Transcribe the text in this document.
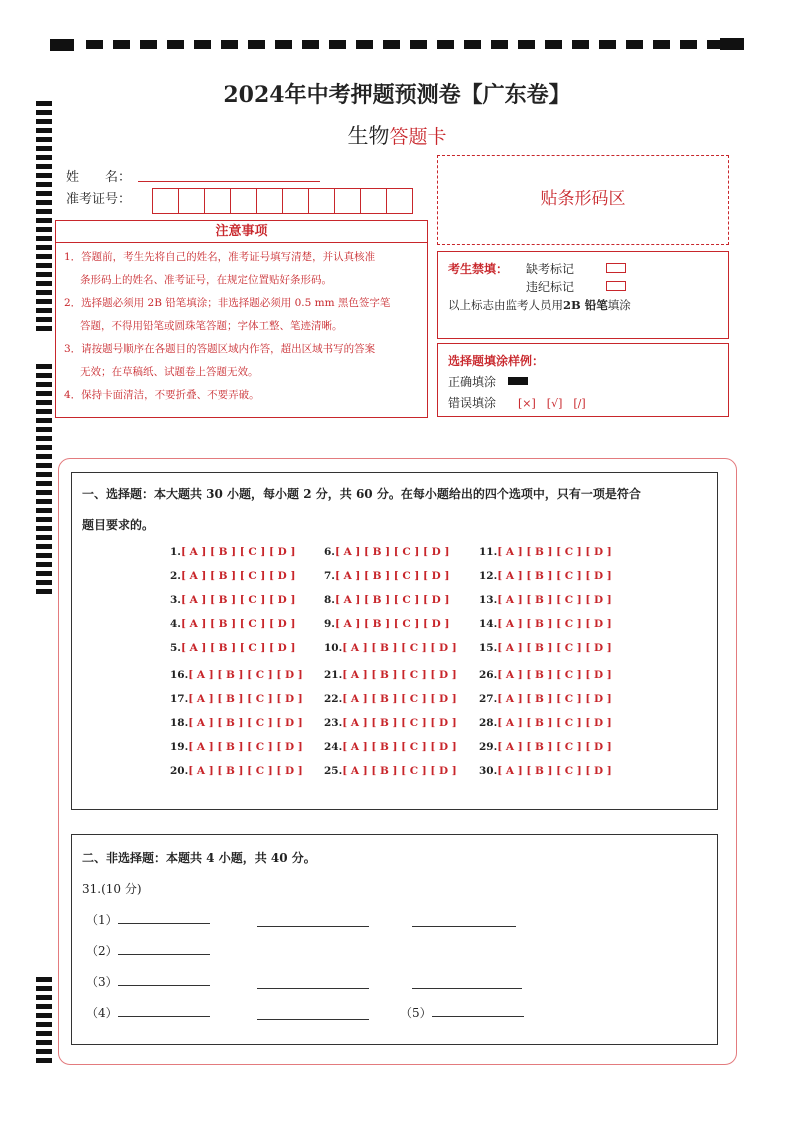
2024年中考押题预测卷【广东卷】
生物答题卡
姓　　名：
准考证号：
注意事项
1．答题前，考生先将自己的姓名，准考证号填写清楚，并认真核准
条形码上的姓名、准考证号，在规定位置贴好条形码。
2．选择题必须用 2B 铅笔填涂；非选择题必须用 0.5 mm 黑色签字笔
答题，不得用铅笔或圆珠笔答题；字体工整、笔迹清晰。
3．请按题号顺序在各题目的答题区域内作答，超出区域书写的答案
无效；在草稿纸、试题卷上答题无效。
4．保持卡面清洁，不要折叠、不要弄破。
贴条形码区
考生禁填： 缺考标记
违纪标记
以上标志由监考人员用2B 铅笔填涂
选择题填涂样例：
正确填涂
错误填涂 [×]　[√]　[/]
一、选择题：本大题共 30 小题，每小题 2 分，共 60 分。在每小题给出的四个选项中，只有一项是符合
题目要求的。
1.[ A ] [ B ] [ C ] [ D ]	6.[ A ] [ B ] [ C ] [ D ]	11.[ A ] [ B ] [ C ] [ D ]
2.[ A ] [ B ] [ C ] [ D ]	7.[ A ] [ B ] [ C ] [ D ]	12.[ A ] [ B ] [ C ] [ D ]
3.[ A ] [ B ] [ C ] [ D ]	8.[ A ] [ B ] [ C ] [ D ]	13.[ A ] [ B ] [ C ] [ D ]
4.[ A ] [ B ] [ C ] [ D ]	9.[ A ] [ B ] [ C ] [ D ]	14.[ A ] [ B ] [ C ] [ D ]
5.[ A ] [ B ] [ C ] [ D ]	10.[ A ] [ B ] [ C ] [ D ] 15.[ A ] [ B ] [ C ] [ D ]
16.[ A ] [ B ] [ C ] [ D ] 21.[ A ] [ B ] [ C ] [ D ] 26.[ A ] [ B ] [ C ] [ D ]
17.[ A ] [ B ] [ C ] [ D ] 22.[ A ] [ B ] [ C ] [ D ] 27.[ A ] [ B ] [ C ] [ D ]
18.[ A ] [ B ] [ C ] [ D ] 23.[ A ] [ B ] [ C ] [ D ] 28.[ A ] [ B ] [ C ] [ D ]
19.[ A ] [ B ] [ C ] [ D ] 24.[ A ] [ B ] [ C ] [ D ] 29.[ A ] [ B ] [ C ] [ D ]
20.[ A ] [ B ] [ C ] [ D ] 25.[ A ] [ B ] [ C ] [ D ] 30.[ A ] [ B ] [ C ] [ D ]
二、非选择题：本题共 4 小题，共 40 分。
31.(10 分)
（1）
（2）
（3）
（4）	（5）
